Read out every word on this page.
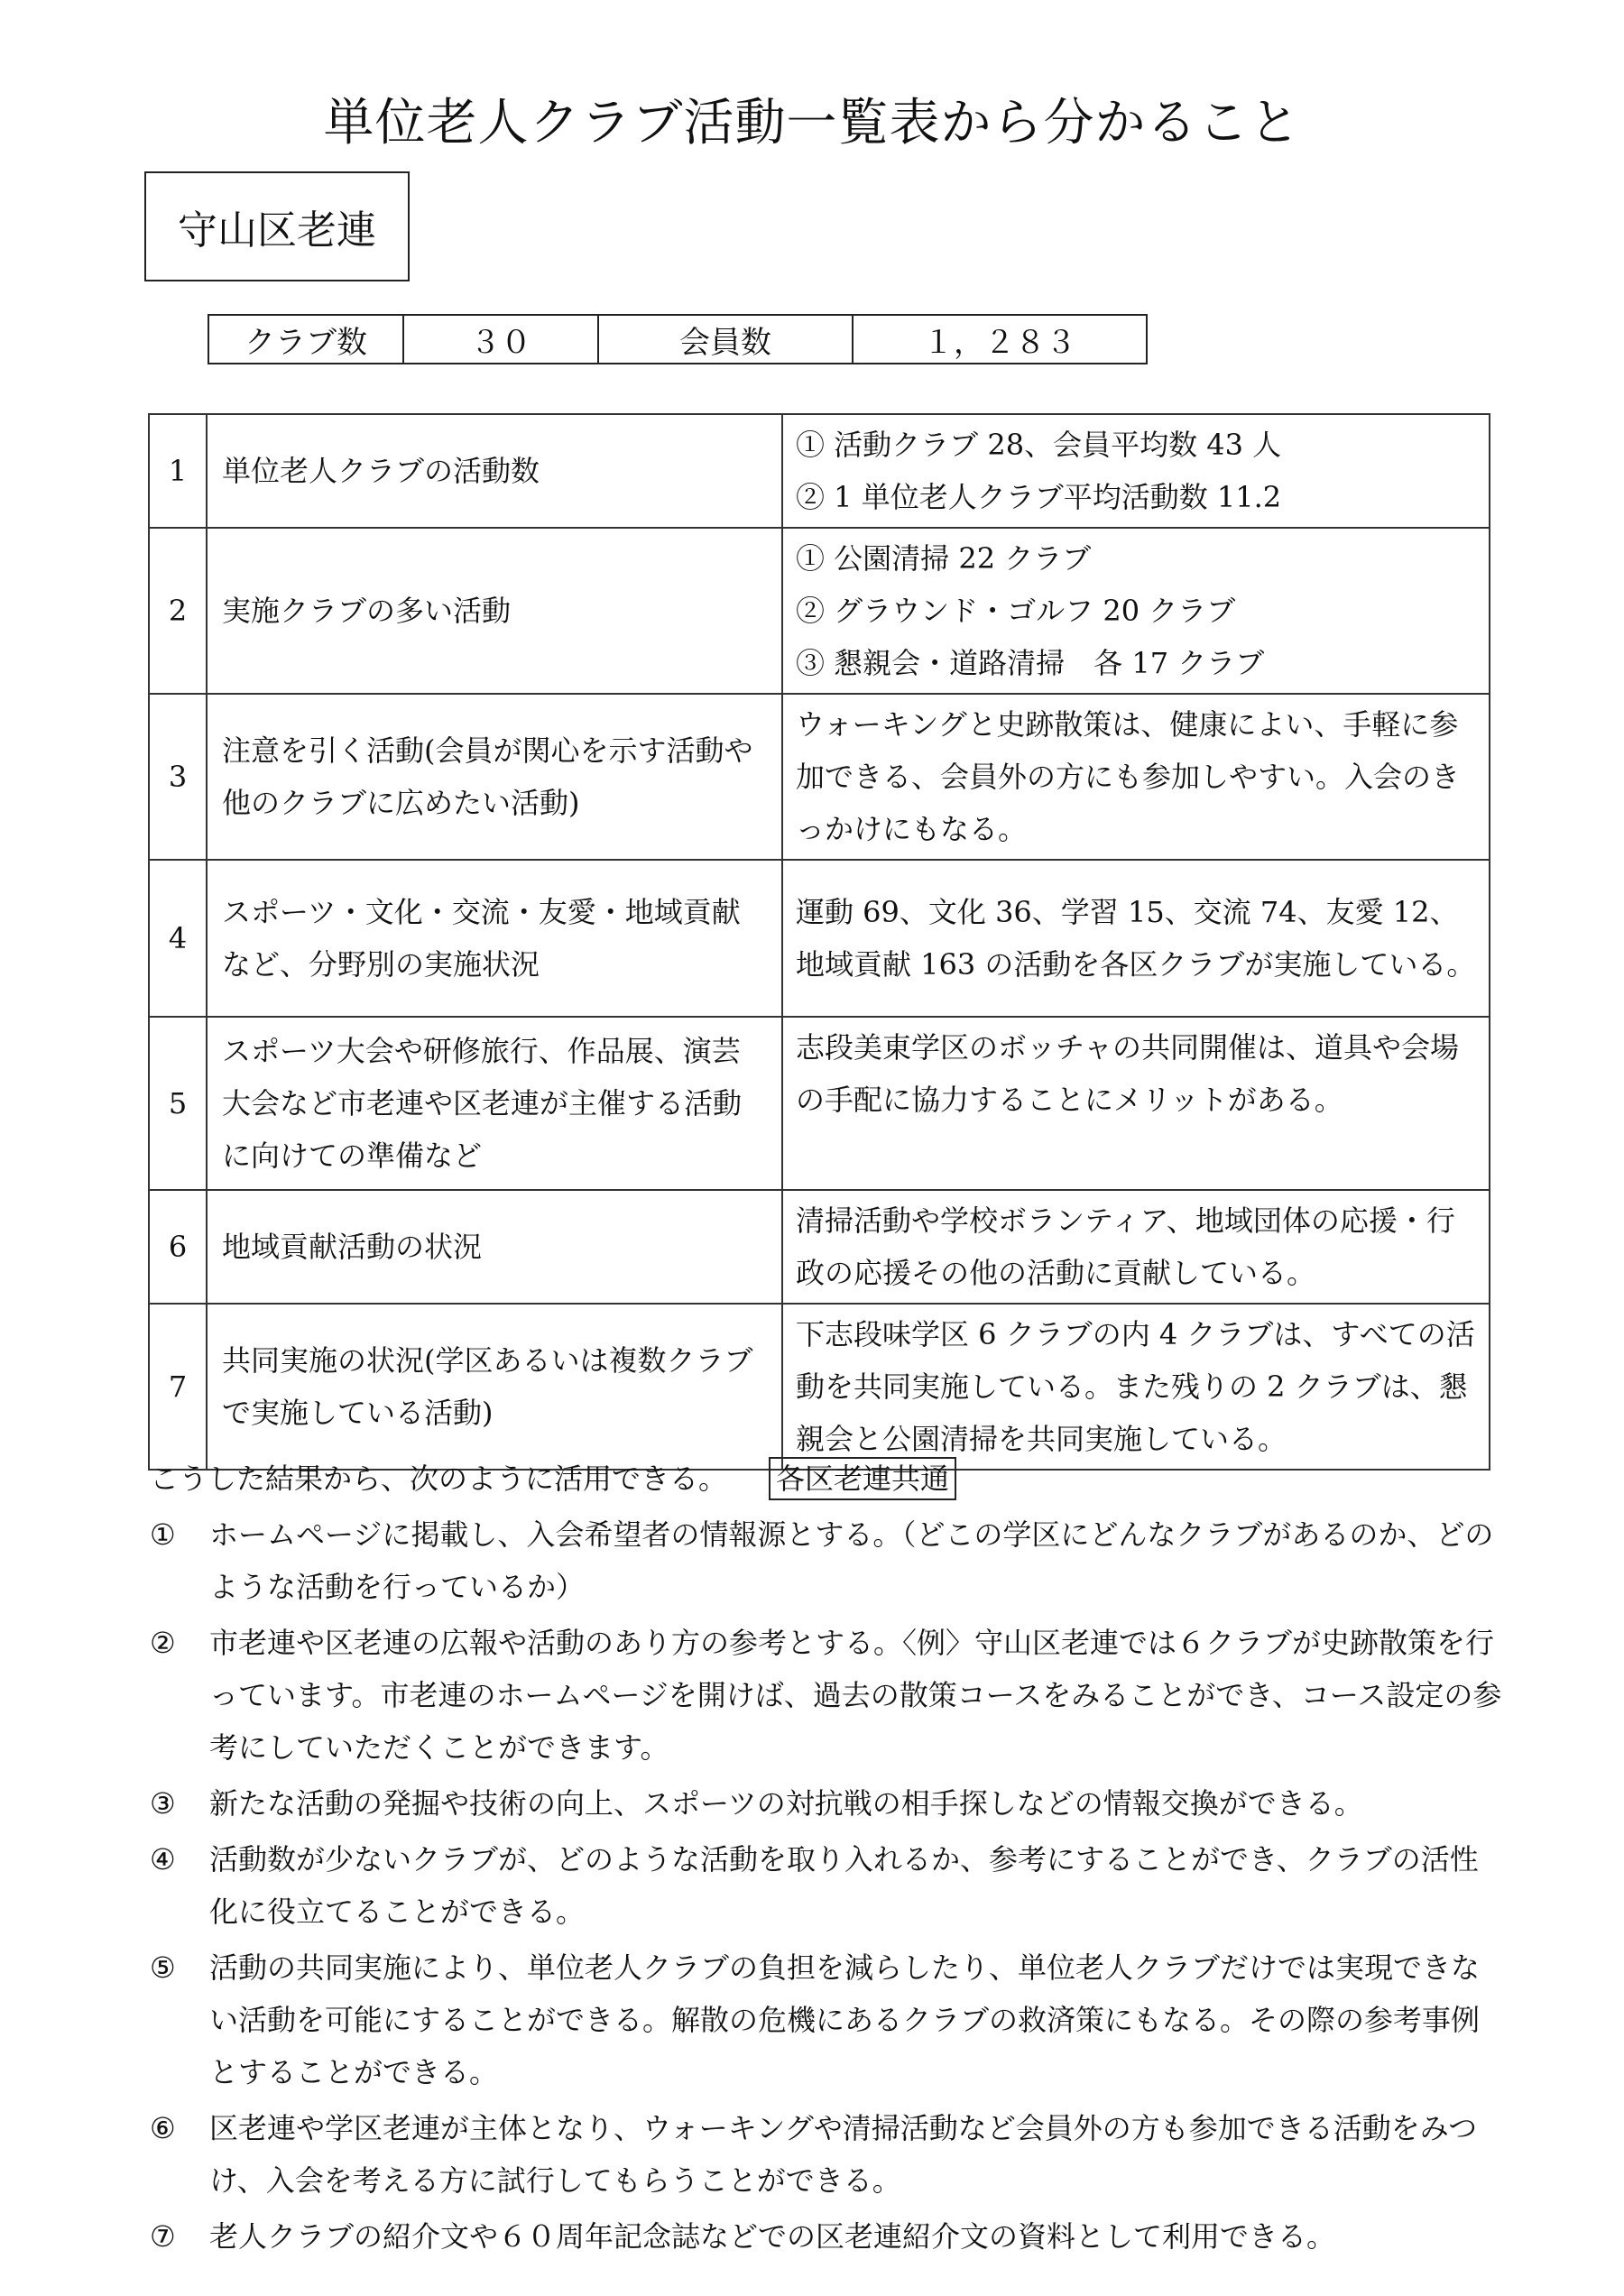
単位老人クラブ活動一覧表から分かること
守山区老連
クラブ数	３０	会員数	１，２８３
1	単位老人クラブの活動数	① 活動クラブ 28、会員平均数 43 人
② 1 単位老人クラブ平均活動数 11.2

2	実施クラブの多い活動	① 公園清掃 22 クラブ
② グラウンド・ゴルフ 20 クラブ
③ 懇親会・道路清掃　各 17 クラブ

3	注意を引く活動(会員が関心を示す活動や他のクラブに広めたい活動)	ウォーキングと史跡散策は、健康によい、手軽に参加できる、会員外の方にも参加しやすい。入会のきっかけにもなる。

4	スポーツ・文化・交流・友愛・地域貢献など、分野別の実施状況	運動 69、文化 36、学習 15、交流 74、友愛 12、地域貢献 163 の活動を各区クラブが実施している。

5	スポーツ大会や研修旅行、作品展、演芸大会など市老連や区老連が主催する活動に向けての準備など	志段美東学区のボッチャの共同開催は、道具や会場の手配に協力することにメリットがある。

6	地域貢献活動の状況	清掃活動や学校ボランティア、地域団体の応援・行政の応援その他の活動に貢献している。

7	共同実施の状況(学区あるいは複数クラブで実施している活動)	下志段味学区 6 クラブの内 4 クラブは、すべての活動を共同実施している。また残りの 2 クラブは、懇親会と公園清掃を共同実施している。
こうした結果から、次のように活用できる。 各区老連共通
①	ホームページに掲載し、入会希望者の情報源とする。（どこの学区にどんなクラブがあるのか、どのような活動を行っているか）
②	市老連や区老連の広報や活動のあり方の参考とする。〈例〉守山区老連では６クラブが史跡散策を行っています。市老連のホームページを開けば、過去の散策コースをみることができ、コース設定の参考にしていただくことができます。
③	新たな活動の発掘や技術の向上、スポーツの対抗戦の相手探しなどの情報交換ができる。
④	活動数が少ないクラブが、どのような活動を取り入れるか、参考にすることができ、クラブの活性化に役立てることができる。
⑤	活動の共同実施により、単位老人クラブの負担を減らしたり、単位老人クラブだけでは実現できない活動を可能にすることができる。解散の危機にあるクラブの救済策にもなる。その際の参考事例とすることができる。
⑥	区老連や学区老連が主体となり、ウォーキングや清掃活動など会員外の方も参加できる活動をみつけ、入会を考える方に試行してもらうことができる。
⑦	老人クラブの紹介文や６０周年記念誌などでの区老連紹介文の資料として利用できる。
